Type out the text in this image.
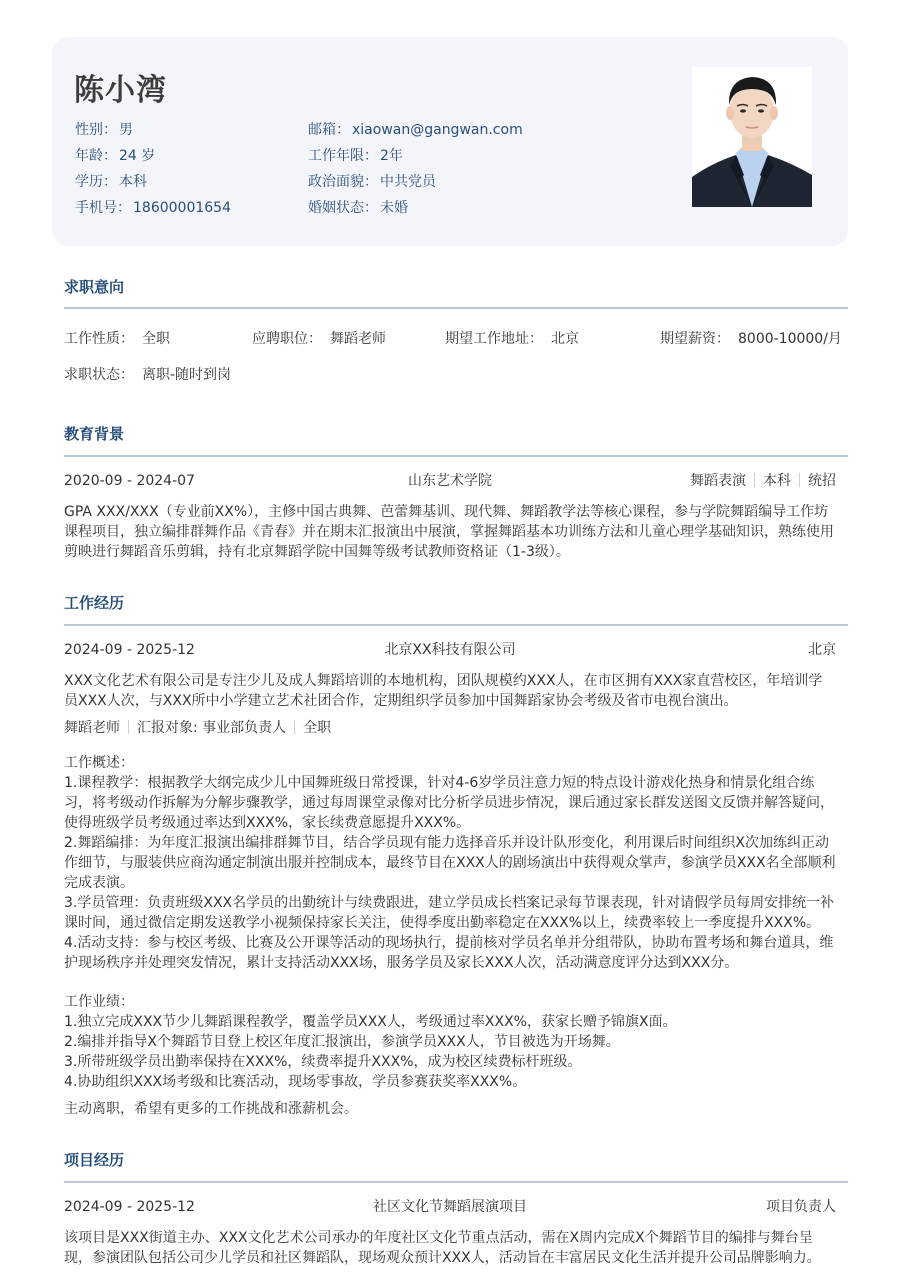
陈小湾
性别： 男
年龄： 24 岁
学历： 本科
手机号： 18600001654
邮箱： xiaowan@gangwan.com
工作年限： 2年
政治面貌： 中共党员
婚姻状态： 未婚
求职意向
工作性质： 全职	应聘职位： 舞蹈老师	期望工作地址： 北京	期望薪资： 8000-10000/月
求职状态： 离职-随时到岗
教育背景
2020-09 - 2024-07	山东艺术学院	舞蹈表演 本科 统招
GPA XXX/XXX（专业前XX%），主修中国古典舞、芭蕾舞基训、现代舞、舞蹈教学法等核心课程，参与学院舞蹈编导工作坊课程项目，独立编排群舞作品《青春》并在期末汇报演出中展演，掌握舞蹈基本功训练方法和儿童心理学基础知识，熟练使用剪映进行舞蹈音乐剪辑，持有北京舞蹈学院中国舞等级考试教师资格证（1-3级）。
工作经历
2024-09 - 2025-12	北京XX科技有限公司	北京
XXX文化艺术有限公司是专注少儿及成人舞蹈培训的本地机构，团队规模约XXX人，在市区拥有XXX家直营校区，年培训学员XXX人次，与XXX所中小学建立艺术社团合作，定期组织学员参加中国舞蹈家协会考级及省市电视台演出。
舞蹈老师 汇报对象: 事业部负责人 全职
工作概述：
1.课程教学：根据教学大纲完成少儿中国舞班级日常授课，针对4-6岁学员注意力短的特点设计游戏化热身和情景化组合练习，将考级动作拆解为分解步骤教学，通过每周课堂录像对比分析学员进步情况，课后通过家长群发送图文反馈并解答疑问，使得班级学员考级通过率达到XXX%，家长续费意愿提升XXX%。
2.舞蹈编排：为年度汇报演出编排群舞节目，结合学员现有能力选择音乐并设计队形变化，利用课后时间组织X次加练纠正动作细节，与服装供应商沟通定制演出服并控制成本，最终节目在XXX人的剧场演出中获得观众掌声，参演学员XXX名全部顺利完成表演。
3.学员管理：负责班级XXX名学员的出勤统计与续费跟进，建立学员成长档案记录每节课表现，针对请假学员每周安排统一补课时间，通过微信定期发送教学小视频保持家长关注，使得季度出勤率稳定在XXX%以上，续费率较上一季度提升XXX%。
4.活动支持：参与校区考级、比赛及公开课等活动的现场执行，提前核对学员名单并分组带队，协助布置考场和舞台道具，维护现场秩序并处理突发情况，累计支持活动XXX场，服务学员及家长XXX人次，活动满意度评分达到XXX分。
工作业绩：
1.独立完成XXX节少儿舞蹈课程教学，覆盖学员XXX人，考级通过率XXX%，获家长赠予锦旗X面。
2.编排并指导X个舞蹈节目登上校区年度汇报演出，参演学员XXX人，节目被选为开场舞。
3.所带班级学员出勤率保持在XXX%，续费率提升XXX%，成为校区续费标杆班级。
4.协助组织XXX场考级和比赛活动，现场零事故，学员参赛获奖率XXX%。
主动离职，希望有更多的工作挑战和涨薪机会。
项目经历
2024-09 - 2025-12	社区文化节舞蹈展演项目	项目负责人
该项目是XXX街道主办、XXX文化艺术公司承办的年度社区文化节重点活动，需在X周内完成X个舞蹈节目的编排与舞台呈现，参演团队包括公司少儿学员和社区舞蹈队，现场观众预计XXX人，活动旨在丰富居民文化生活并提升公司品牌影响力。
